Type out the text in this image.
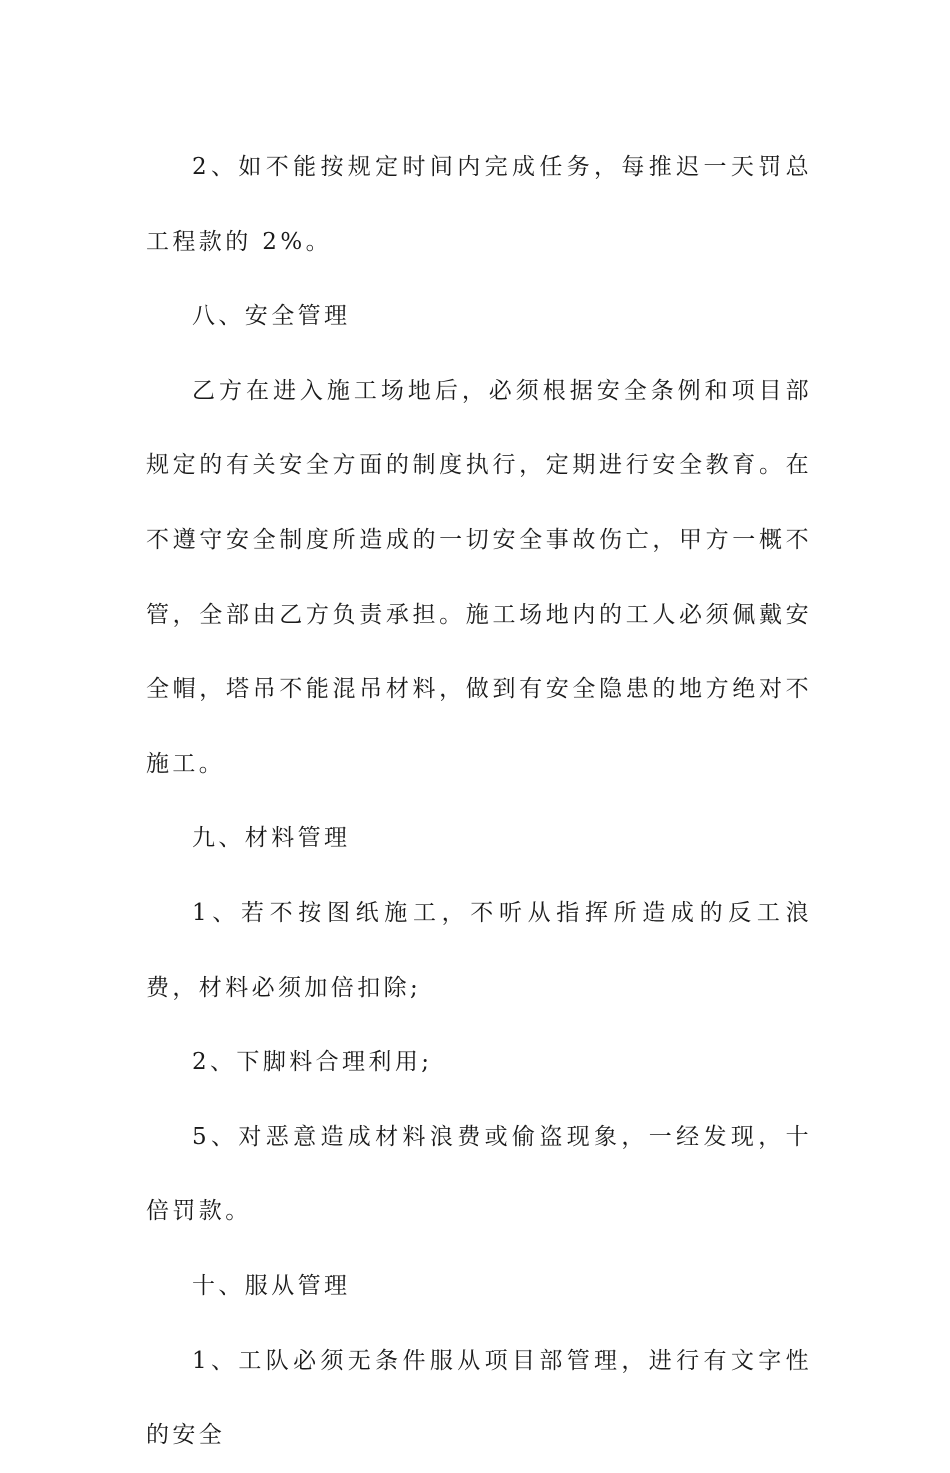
2、如不能按规定时间内完成任务，每推迟一天罚总工程款的 2%。

八、安全管理

乙方在进入施工场地后，必须根据安全条例和项目部规定的有关安全方面的制度执行，定期进行安全教育。在不遵守安全制度所造成的一切安全事故伤亡，甲方一概不管，全部由乙方负责承担。施工场地内的工人必须佩戴安全帽，塔吊不能混吊材料，做到有安全隐患的地方绝对不施工。

九、材料管理

1、若不按图纸施工，不听从指挥所造成的反工浪费，材料必须加倍扣除;

2、下脚料合理利用;

5、对恶意造成材料浪费或偷盗现象，一经发现，十倍罚款。

十、服从管理

1、工队必须无条件服从项目部管理，进行有文字性的安全
